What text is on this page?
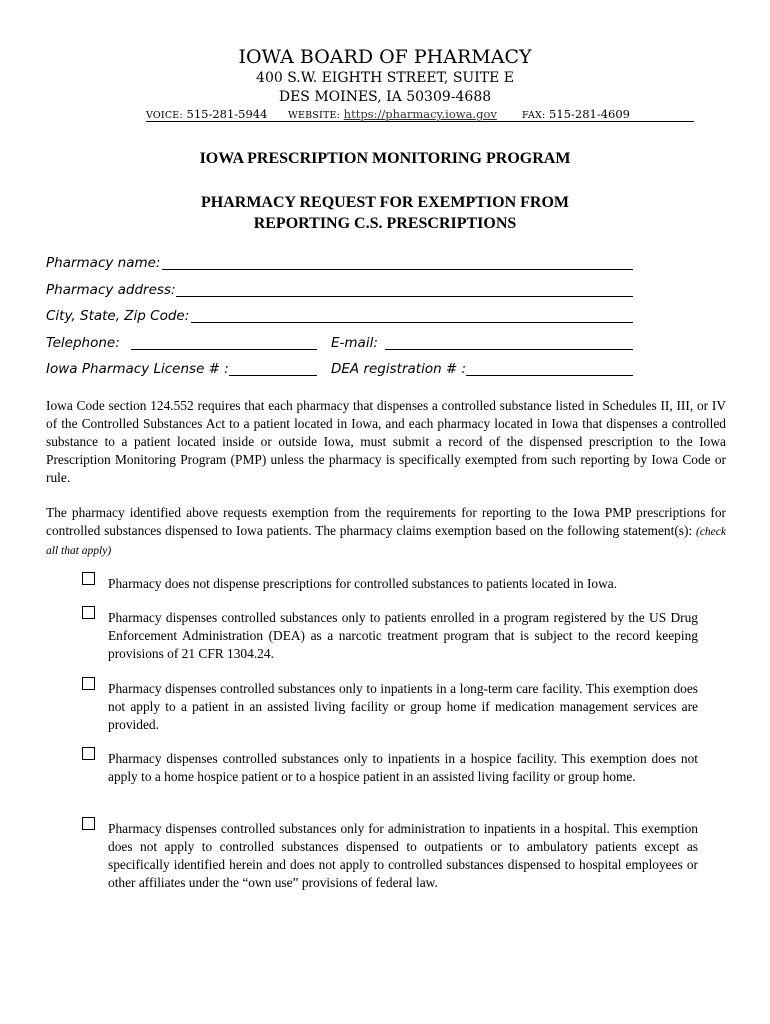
IOWA BOARD OF PHARMACY
400 S.W. EIGHTH STREET, SUITE E
DES MOINES, IA 50309-4688
VOICE: 515-281-5944 WEBSITE: https://pharmacy.iowa.gov	FAX: 515-281-4609
IOWA PRESCRIPTION MONITORING PROGRAM
PHARMACY REQUEST FOR EXEMPTION FROM
REPORTING C.S. PRESCRIPTIONS
Pharmacy name:
Pharmacy address:
City, State, Zip Code:
Telephone:	E-mail:
Iowa Pharmacy License # :	DEA registration # :
Iowa Code section 124.552 requires that each pharmacy that dispenses a controlled substance listed in Schedules II, III, or IV of the Controlled Substances Act to a patient located in Iowa, and each pharmacy located in Iowa that dispenses a controlled substance to a patient located inside or outside Iowa, must submit a record of the dispensed prescription to the Iowa Prescription Monitoring Program (PMP) unless the pharmacy is specifically exempted from such reporting by Iowa Code or rule.
The pharmacy identified above requests exemption from the requirements for reporting to the Iowa PMP prescriptions for controlled substances dispensed to Iowa patients. The pharmacy claims exemption based on the following statement(s): (check all that apply)
Pharmacy does not dispense prescriptions for controlled substances to patients located in Iowa.
Pharmacy dispenses controlled substances only to patients enrolled in a program registered by the US Drug Enforcement Administration (DEA) as a narcotic treatment program that is subject to the record keeping provisions of 21 CFR 1304.24.
Pharmacy dispenses controlled substances only to inpatients in a long-term care facility. This exemption does not apply to a patient in an assisted living facility or group home if medication management services are provided.
Pharmacy dispenses controlled substances only to inpatients in a hospice facility. This exemption does not apply to a home hospice patient or to a hospice patient in an assisted living facility or group home.
Pharmacy dispenses controlled substances only for administration to inpatients in a hospital. This exemption does not apply to controlled substances dispensed to outpatients or to ambulatory patients except as specifically identified herein and does not apply to controlled substances dispensed to hospital employees or other affiliates under the “own use” provisions of federal law.
